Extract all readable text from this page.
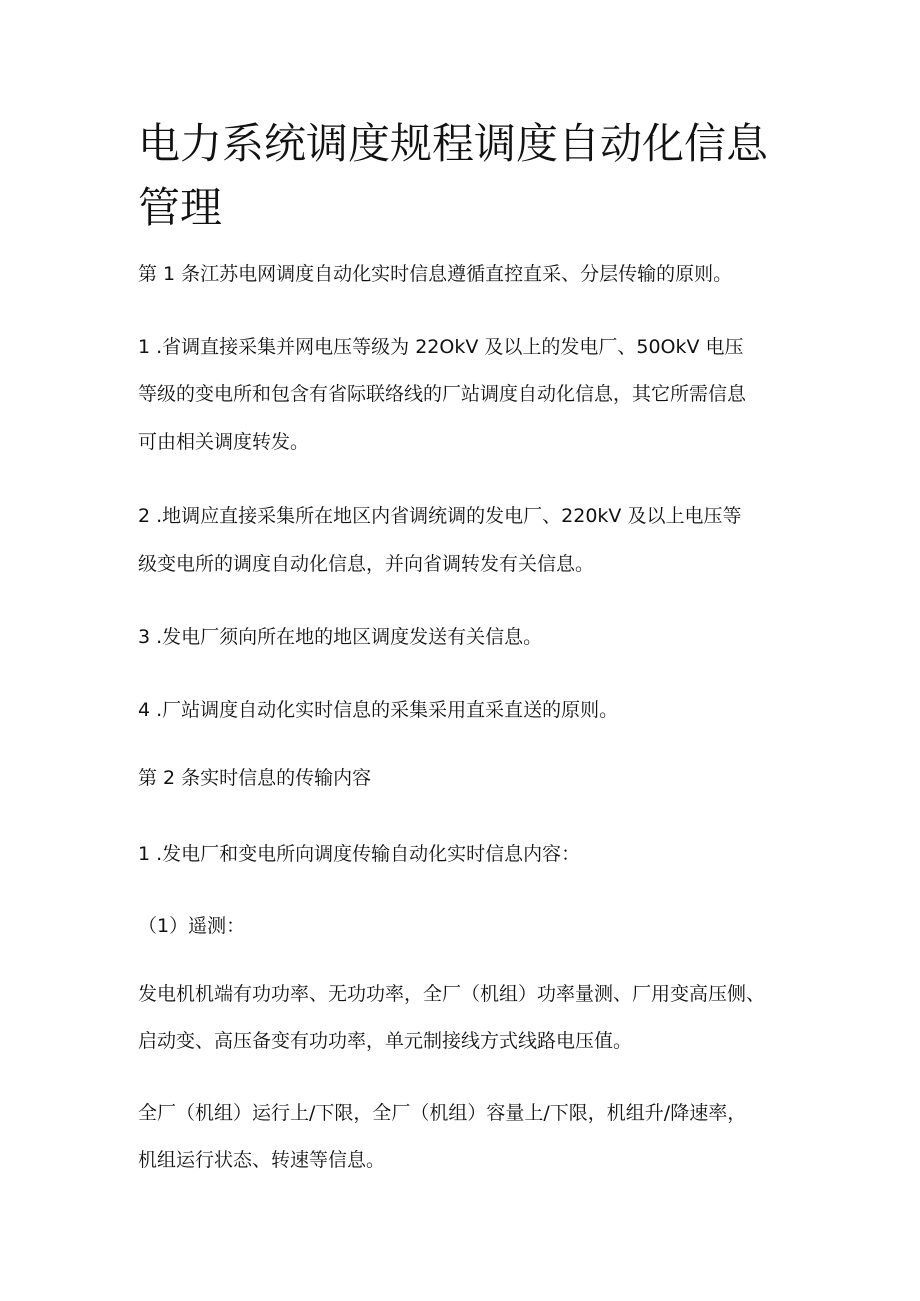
电力系统调度规程调度自动化信息管理

第 1 条江苏电网调度自动化实时信息遵循直控直采、分层传输的原则。

1 .省调直接采集并网电压等级为 22OkV 及以上的发电厂、50OkV 电压

等级的变电所和包含有省际联络线的厂站调度自动化信息，其它所需信息

可由相关调度转发。

2 .地调应直接采集所在地区内省调统调的发电厂、220kV 及以上电压等

级变电所的调度自动化信息，并向省调转发有关信息。

3 .发电厂须向所在地的地区调度发送有关信息。

4 .厂站调度自动化实时信息的采集采用直采直送的原则。

第 2 条实时信息的传输内容

1 .发电厂和变电所向调度传输自动化实时信息内容：

（1）遥测：

发电机机端有功功率、无功功率，全厂（机组）功率量测、厂用变高压侧、

启动变、高压备变有功功率，单元制接线方式线路电压值。

全厂（机组）运行上/下限，全厂（机组）容量上/下限，机组升/降速率，

机组运行状态、转速等信息。
